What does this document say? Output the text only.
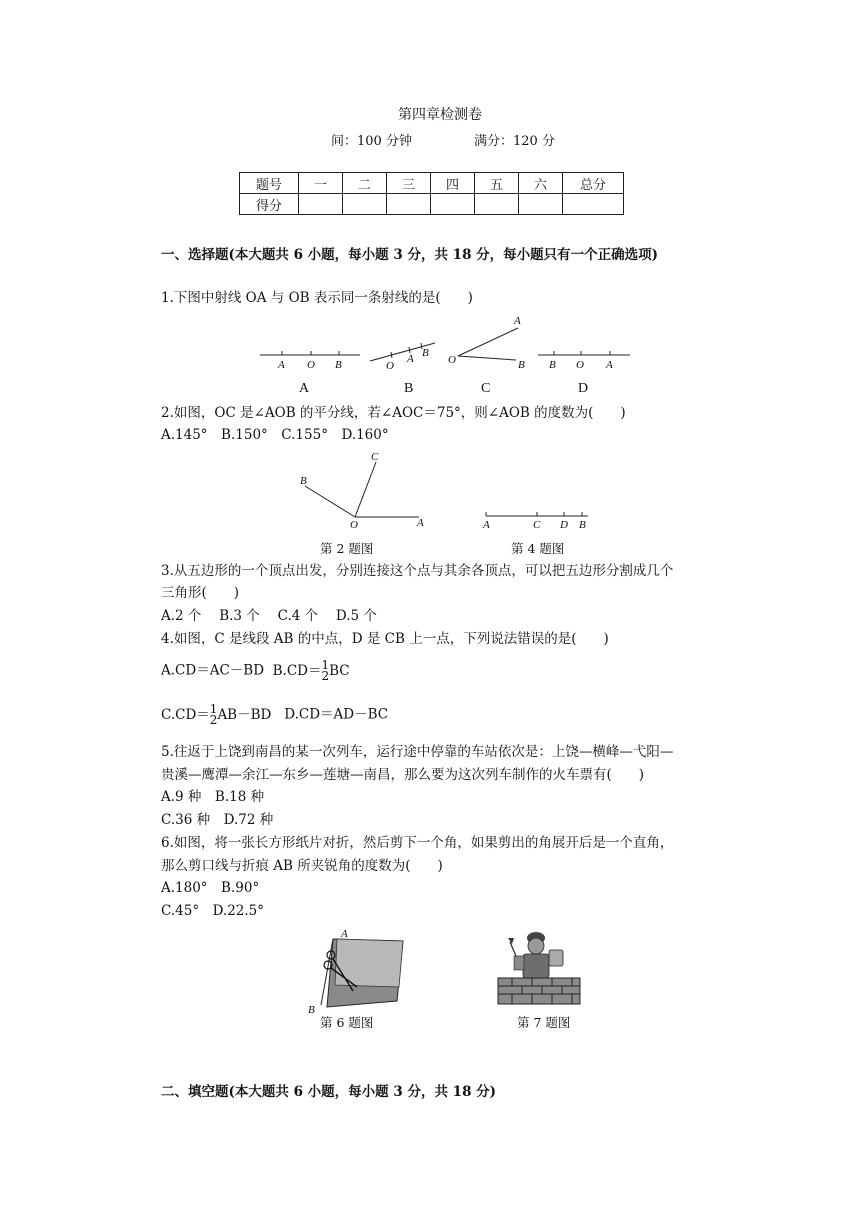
第四章检测卷
间：100 分钟	满分：120 分
题号	一	二	三	四	五	六	总分
得分							
一、选择题(本大题共 6 小题，每小题 3 分，共 18 分，每小题只有一个正确选项)
1.下图中射线 OA 与 OB 表示同一条射线的是(　　)
A O B	O
A B
A
O	B B O A
A	B	C	D
2.如图，OC 是∠AOB 的平分线，若∠AOC＝75°，则∠AOB 的度数为(　　)
A.145°　B.150°　C.155°　D.160°
C
B
O	A
第 2 题图
A	C D B
第 4 题图
3.从五边形的一个顶点出发，分别连接这个点与其余各顶点，可以把五边形分割成几个
三角形(　　)
A.2 个　 B.3 个　 C.4 个　 D.5 个
4.如图，C 是线段 AB 的中点，D 是 CB 上一点，下列说法错误的是(　　)
A.CD＝AC－BD B.CD＝ 1
2 BC
C.CD＝ 1
2 AB－BD D.CD＝AD－BC
5.往返于上饶到南昌的某一次列车，运行途中停靠的车站依次是：上饶—横峰—弋阳—
贵溪—鹰潭—余江—东乡—莲塘—南昌，那么要为这次列车制作的火车票有(　　)
A.9 种　B.18 种
C.36 种　D.72 种
6.如图，将一张长方形纸片对折，然后剪下一个角，如果剪出的角展开后是一个直角，
那么剪口线与折痕 AB 所夹锐角的度数为(　　)
A.180°　B.90°
C.45°　D.22.5°
A
B
第 6 题图	第 7 题图
二、填空题(本大题共 6 小题，每小题 3 分，共 18 分)
